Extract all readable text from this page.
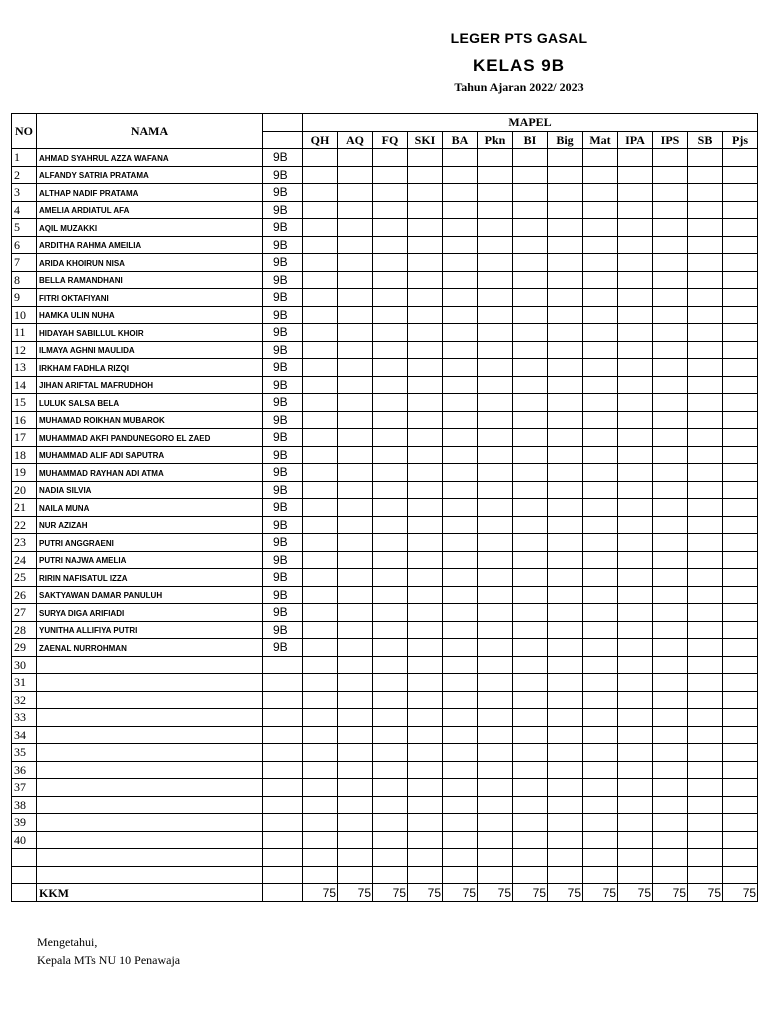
LEGER PTS GASAL
KELAS 9B
Tahun Ajaran 2022/ 2023
NO	NAMA		MAPEL												
			QH	AQ	FQ	SKI	BA	Pkn	BI	Big	Mat	IPA	IPS	SB	Pjs
1	AHMAD SYAHRUL AZZA WAFANA	9B													
2	ALFANDY SATRIA PRATAMA	9B													
3	ALTHAP NADIF PRATAMA	9B													
4	AMELIA ARDIATUL AFA	9B													
5	AQIL MUZAKKI	9B													
6	ARDITHA RAHMA AMEILIA	9B													
7	ARIDA KHOIRUN NISA	9B													
8	BELLA RAMANDHANI	9B													
9	FITRI OKTAFIYANI	9B													
10	HAMKA ULIN NUHA	9B													
11	HIDAYAH SABILLUL KHOIR	9B													
12	ILMAYA AGHNI MAULIDA	9B													
13	IRKHAM FADHLA RIZQI	9B													
14	JIHAN ARIFTAL MAFRUDHOH	9B													
15	LULUK SALSA BELA	9B													
16	MUHAMAD ROIKHAN MUBAROK	9B													
17	MUHAMMAD AKFI PANDUNEGORO EL ZAED	9B													
18	MUHAMMAD ALIF ADI SAPUTRA	9B													
19	MUHAMMAD RAYHAN ADI ATMA	9B													
20	NADIA SILVIA	9B													
21	NAILA MUNA	9B													
22	NUR AZIZAH	9B													
23	PUTRI ANGGRAENI	9B													
24	PUTRI NAJWA AMELIA	9B													
25	RIRIN NAFISATUL IZZA	9B													
26	SAKTYAWAN DAMAR PANULUH	9B													
27	SURYA DIGA ARIFIADI	9B													
28	YUNITHA ALLIFIYA PUTRI	9B													
29	ZAENAL NURROHMAN	9B													
30															
31															
32															
33															
34															
35															
36															
37															
38															
39															
40															

	KKM		75	75	75	75	75	75	75	75	75	75	75	75	75
Mengetahui,
Kepala MTs NU 10 Penawaja
